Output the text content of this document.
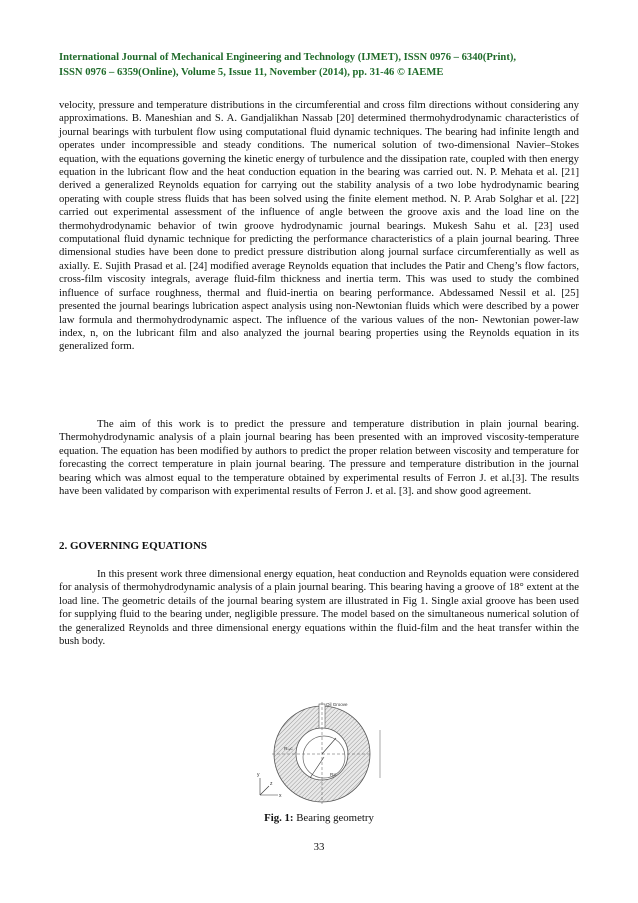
International Journal of Mechanical Engineering and Technology (IJMET), ISSN 0976 – 6340(Print),
ISSN 0976 – 6359(Online), Volume 5, Issue 11, November (2014), pp. 31-46 © IAEME

velocity, pressure and temperature distributions in the circumferential and cross film directions without considering any approximations. B. Maneshian and S. A. Gandjalikhan Nassab [20] determined thermohydrodynamic characteristics of journal bearings with turbulent flow using computational fluid dynamic techniques. The bearing had infinite length and operates under incompressible and steady conditions. The numerical solution of two-dimensional Navier–Stokes equation, with the equations governing the kinetic energy of turbulence and the dissipation rate, coupled with then energy equation in the lubricant flow and the heat conduction equation in the bearing was carried out. N. P. Mehata et al. [21] derived a generalized Reynolds equation for carrying out the stability analysis of a two lobe hydrodynamic bearing operating with couple stress fluids that has been solved using the finite element method. N. P. Arab Solghar et al. [22] carried out experimental assessment of the influence of angle between the groove axis and the load line on the thermohydrodynamic behavior of twin groove hydrodynamic journal bearings. Mukesh Sahu et al. [23] used computational fluid dynamic technique for predicting the performance characteristics of a plain journal bearing. Three dimensional studies have been done to predict pressure distribution along journal surface circumferentially as well as axially. E. Sujith Prasad et al. [24] modified average Reynolds equation that includes the Patir and Cheng’s flow factors, cross-film viscosity integrals, average fluid-film thickness and inertia term. This was used to study the combined influence of surface roughness, thermal and fluid-inertia on bearing performance. Abdessamed Nessil et al. [25] presented the journal bearings lubrication aspect analysis using non-Newtonian fluids which were described by a power law formula and thermohydrodynamic aspect. The influence of the various values of the non- Newtonian power-law index, n, on the lubricant film and also analyzed the journal bearing properties using the Reynolds equation in its generalized form.

The aim of this work is to predict the pressure and temperature distribution in plain journal bearing. Thermohydrodynamic analysis of a plain journal bearing has been presented with an improved viscosity-temperature equation. The equation has been modified by authors to predict the proper relation between viscosity and temperature for forecasting the correct temperature in plain journal bearing. The pressure and temperature distribution in the journal bearing which was almost equal to the temperature obtained by experimental results of Ferron J. et al.[3]. The results have been validated by comparison with experimental results of Ferron J. et al. [3]. and show good agreement.

2. GOVERNING EQUATIONS

In this present work three dimensional energy equation, heat conduction and Reynolds equation were considered for analysis of thermohydrodynamic analysis of a plain journal bearing. This bearing having a groove of 18° extent at the load line. The geometric details of the journal bearing system are illustrated in Fig 1. Single axial groove has been used for supplying fluid to the bearing under, negligible pressure. The model based on the simultaneous numerical solution of the generalized Reynolds and three dimensional energy equations within the fluid-film and the heat transfer within the bush body.

Oil Groove
Rₛᵥc
Rⱼc
x
y
z
Fig. 1: Bearing geometry
33
